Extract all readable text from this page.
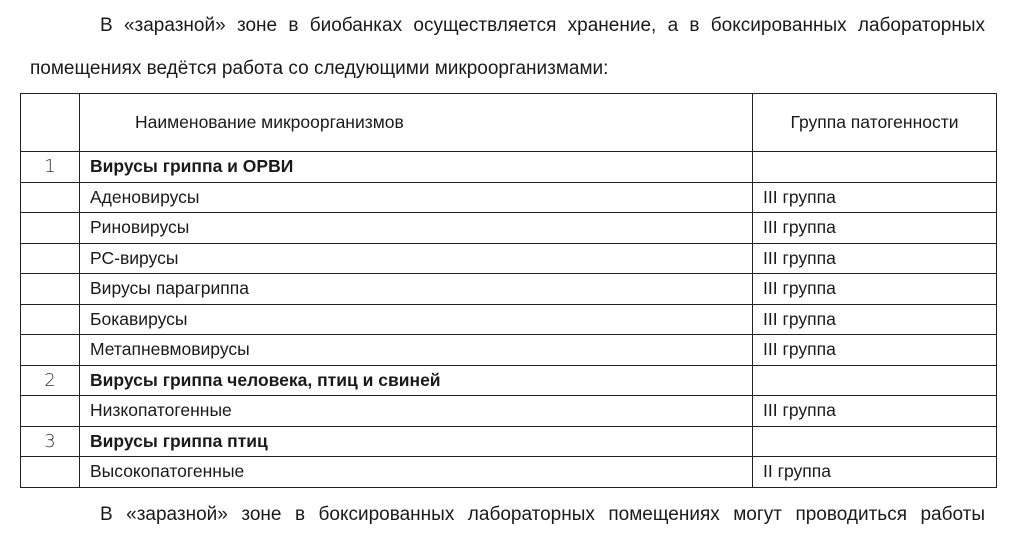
В «заразной» зоне в биобанках осуществляется хранение, а в боксированных лабораторных помещениях ведётся работа со следующими микроорганизмами:

	Наименование микроорганизмов	Группа патогенности
1	Вирусы гриппа и ОРВИ	
	Аденовирусы	III группа
	Риновирусы	III группа
	РС-вирусы	III группа
	Вирусы парагриппа	III группа
	Бокавирусы	III группа
	Метапневмовирусы	III группа
2	Вирусы гриппа человека, птиц и свиней	
	Низкопатогенные	III группа
3	Вирусы гриппа птиц	
	Высокопатогенные	II группа

В «заразной» зоне в боксированных лабораторных помещениях могут проводиться работы
